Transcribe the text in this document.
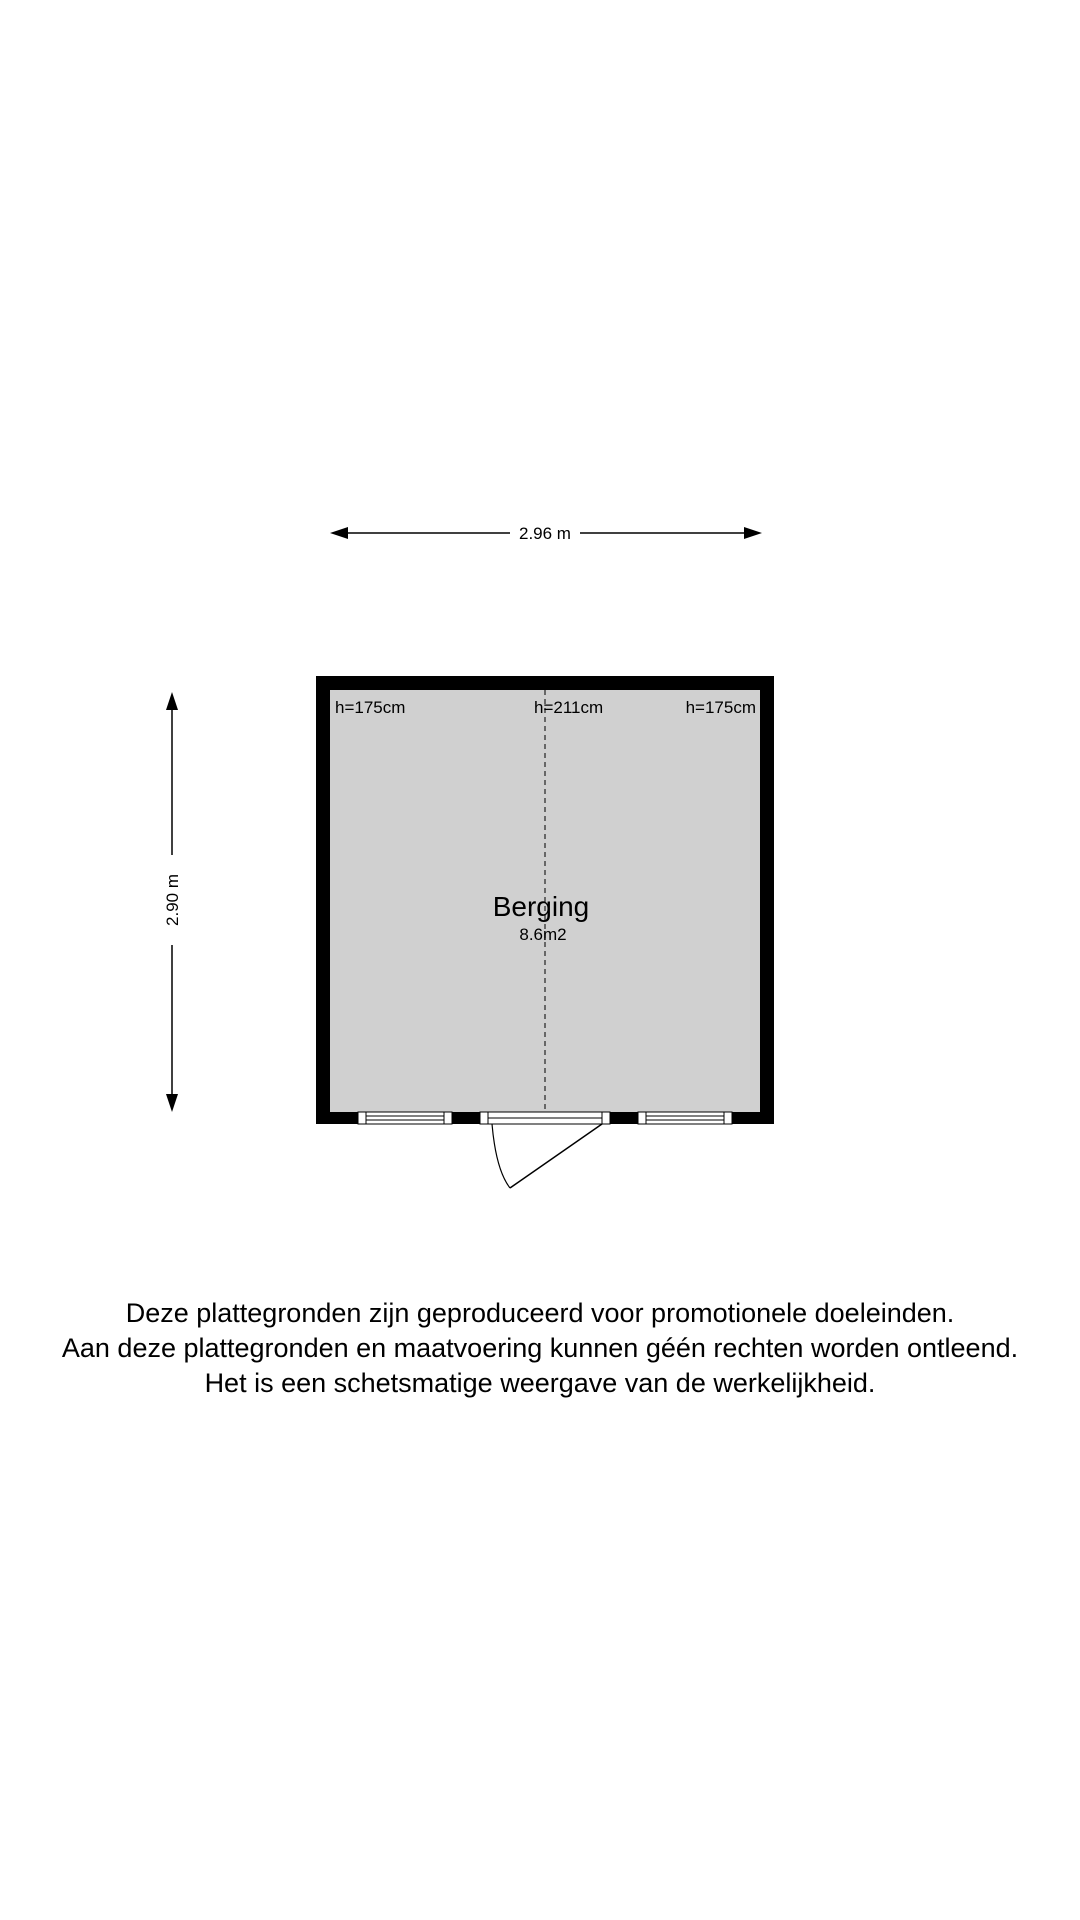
2.96 m
2.90 m
h=175cm	h=211cm	h=175cm
Berging
8.6m2
Deze plattegronden zijn geproduceerd voor promotionele doeleinden.
Aan deze plattegronden en maatvoering kunnen géén rechten worden ontleend.
Het is een schetsmatige weergave van de werkelijkheid.
